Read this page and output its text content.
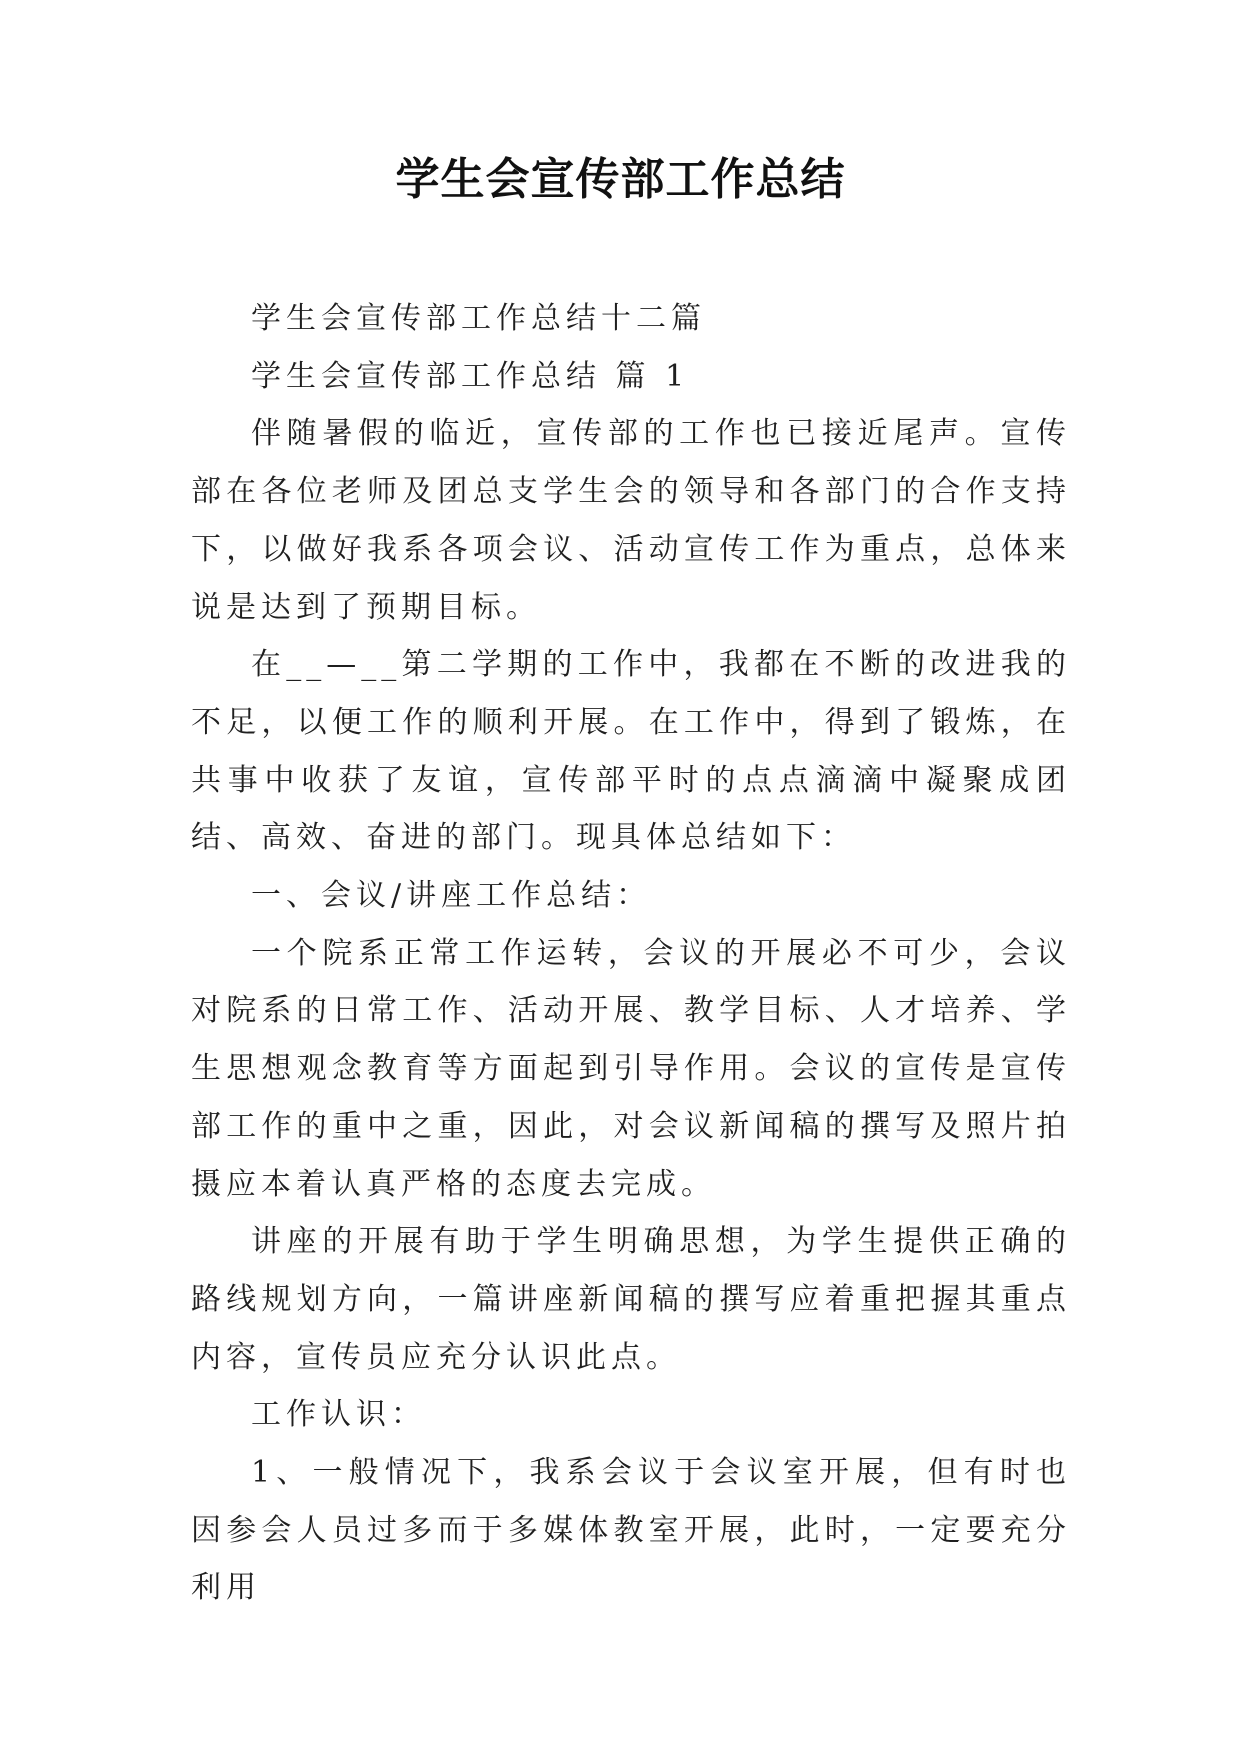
学生会宣传部工作总结

学生会宣传部工作总结十二篇

学生会宣传部工作总结 篇 1

伴随暑假的临近，宣传部的工作也已接近尾声。宣传部在各位老师及团总支学生会的领导和各部门的合作支持下，以做好我系各项会议、活动宣传工作为重点，总体来说是达到了预期目标。

在__—__第二学期的工作中，我都在不断的改进我的不足，以便工作的顺利开展。在工作中，得到了锻炼，在共事中收获了友谊，宣传部平时的点点滴滴中凝聚成团结、高效、奋进的部门。现具体总结如下：

一、会议/讲座工作总结：

一个院系正常工作运转，会议的开展必不可少，会议对院系的日常工作、活动开展、教学目标、人才培养、学生思想观念教育等方面起到引导作用。会议的宣传是宣传部工作的重中之重，因此，对会议新闻稿的撰写及照片拍摄应本着认真严格的态度去完成。

讲座的开展有助于学生明确思想，为学生提供正确的路线规划方向，一篇讲座新闻稿的撰写应着重把握其重点内容，宣传员应充分认识此点。

工作认识：

1、一般情况下，我系会议于会议室开展，但有时也因参会人员过多而于多媒体教室开展，此时，一定要充分利用
